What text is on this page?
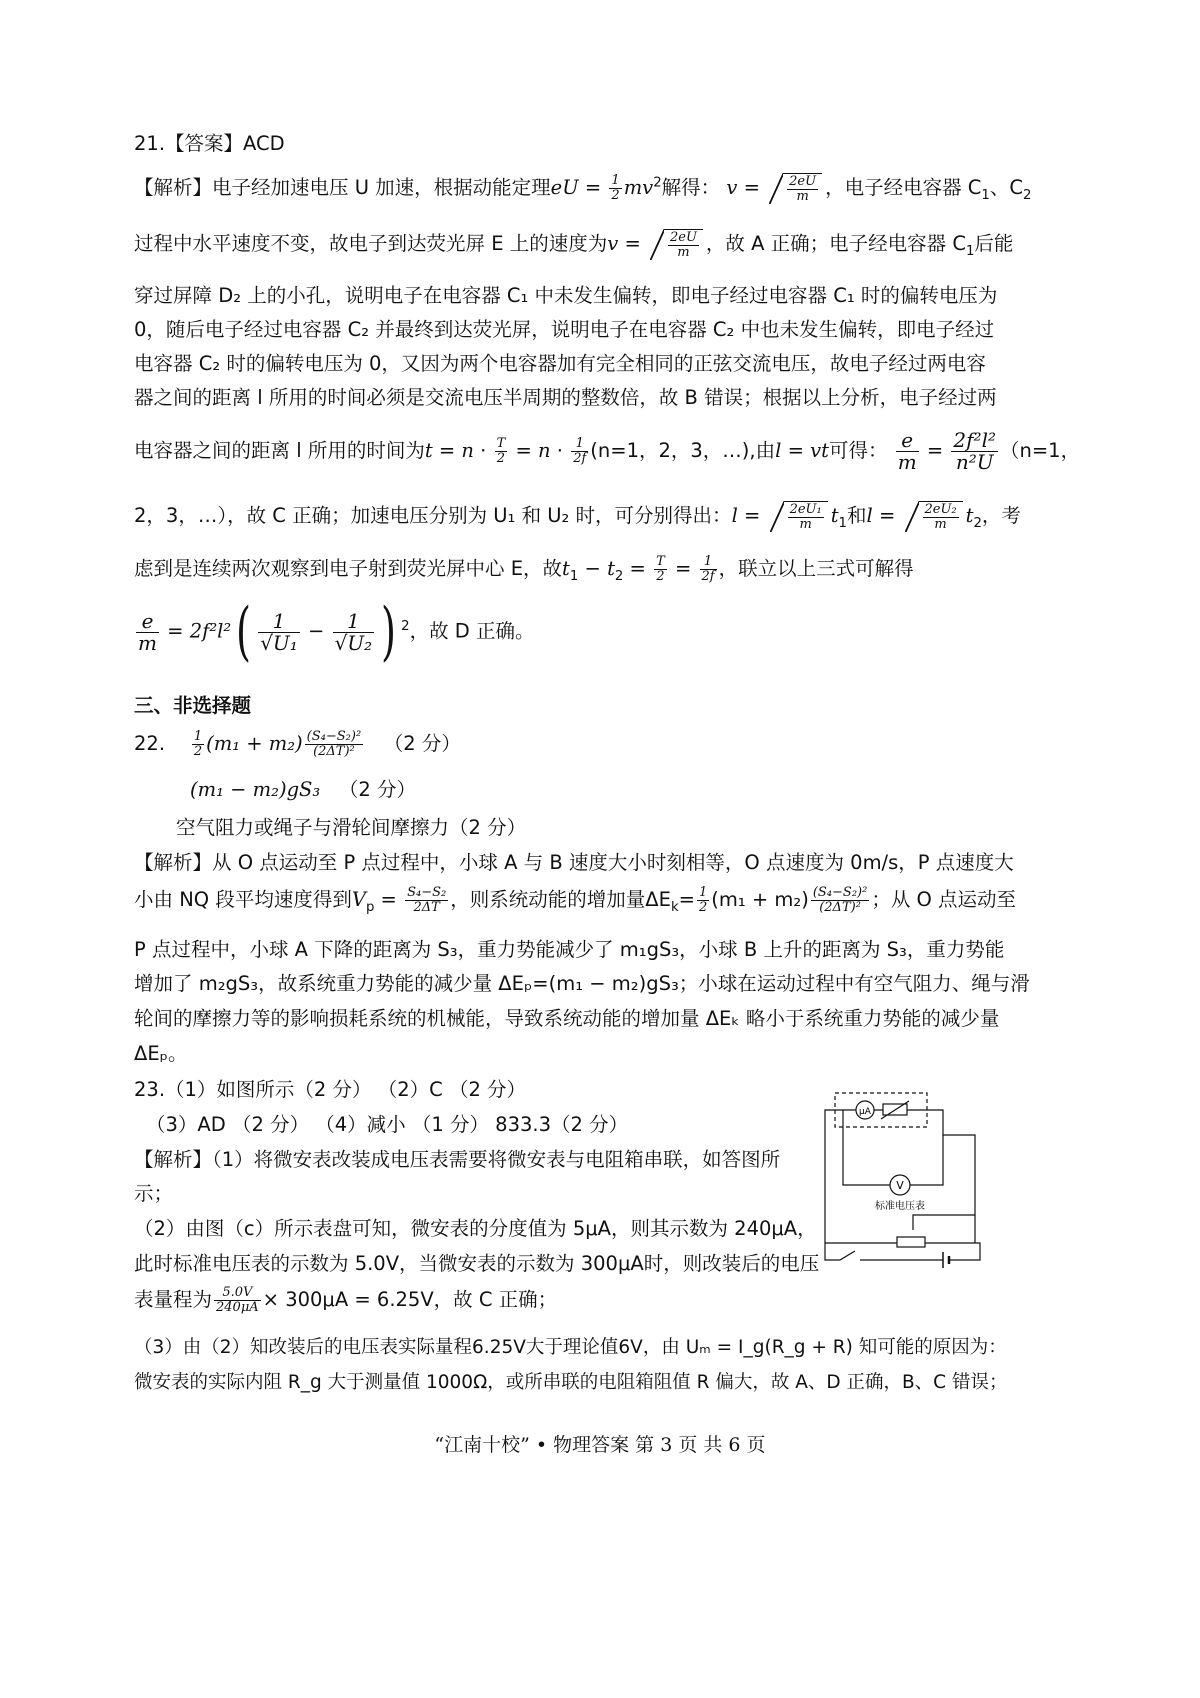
21.【答案】ACD
【解析】电子经加速电压 U 加速，根据动能定理eU = $\frac{1}{2} mv^2$解得： $v = \frac{2eU}{m}$ ，电子经电容器 $C_1$、$C_2$
过程中水平速度不变，故电子到达荧光屏 E 上的速度为$v = \frac{2eU}{m}$ ，故 A 正确；电子经电容器 $C_1$后能
穿过屏障 D₂ 上的小孔，说明电子在电容器 C₁ 中未发生偏转，即电子经过电容器 C₁ 时的偏转电压为
0，随后电子经过电容器 C₂ 并最终到达荧光屏，说明电子在电容器 C₂ 中也未发生偏转，即电子经过
电容器 C₂ 时的偏转电压为 0，又因为两个电容器加有完全相同的正弦交流电压，故电子经过两电容
器之间的距离 l 所用的时间必须是交流电压半周期的整数倍，故 B 错误；根据以上分析，电子经过两
电容器之间的距离 l 所用的时间为$t = n \cdot \frac{T}{2} = n \cdot \frac{1}{2f} (n=1$，2，3，…),由l = vt可得： $\frac{e}{m} = \frac{\text{2f²l²}}{\text{n²U}} (n=1$，
2，3，…），故 C 正确；加速电压分别为 U₁ 和 U₂ 时，可分别得出：$l = \frac{\text{2eU₁}}{m} t_1$和$l = \frac{\text{2eU₂}}{m} t_2$，考
虑到是连续两次观察到电子射到荧光屏中心 E，故$t_1 - t_2 = \frac{T}{2} = \frac{1}{2f}$ ，联立以上三式可解得
$\frac{e}{m} = 2f^2l^2( \frac{1}{\text{√U₁}} - \frac{1}{\text{√U₂}}$ ) $^2$，故 D 正确。
三、非选择题
22. $\frac{1}{2} (m_1 + m_2) \frac{\text{(S₄−S₂)²}}{\text{(2ΔT)²}} (2$ 分）
(m₁ − m₂)gS₃ （2 分）
空气阻力或绳子与滑轮间摩擦力（2 分）
【解析】从 O 点运动至 P 点过程中，小球 A 与 B 速度大小时刻相等，O 点速度为 0m/s，P 点速度大
小由 NQ 段平均速度得到$V_p = \frac{\text{S₄−S₂}}{2\Delta T}$ ，则系统动能的增加量$\Delta E_k= \frac{1}{2} (m_1 + m_2) \frac{\text{(S₄−S₂)²}}{\text{(2ΔT)²}}$ ；从 O 点运动至
P 点过程中，小球 A 下降的距离为 S₃，重力势能减少了 m₁gS₃，小球 B 上升的距离为 S₃，重力势能
增加了 m₂gS₃，故系统重力势能的减少量 ΔEₚ=(m₁ − m₂)gS₃；小球在运动过程中有空气阻力、绳与滑
轮间的摩擦力等的影响损耗系统的机械能，导致系统动能的增加量 ΔEₖ 略小于系统重力势能的减少量
ΔEₚ。
23.（1）如图所示（2 分） （2）C （2 分）
（3）AD （2 分） （4）减小 （1 分） 833.3（2 分）
【解析】（1）将微安表改装成电压表需要将微安表与电阻箱串联，如答图所
示；
（2）由图（c）所示表盘可知，微安表的分度值为 5μA，则其示数为 240μA，
此时标准电压表的示数为 5.0V，当微安表的示数为 300μA时，则改装后的电压
表量程为 $\frac{5.0V}{240\mu A} \times 300\mu A = 6.25V$，故 C 正确；
（3）由（2）知改装后的电压表实际量程6.25V大于理论值6V，由 Uₘ = I_g(R_g + R) 知可能的原因为：
微安表的实际内阻 R_g 大于测量值 1000Ω，或所串联的电阻箱阻值 R 偏大，故 A、D 正确，B、C 错误；
μA
V
标准电压表
“江南十校” • 物理答案 第 3 页 共 6 页
